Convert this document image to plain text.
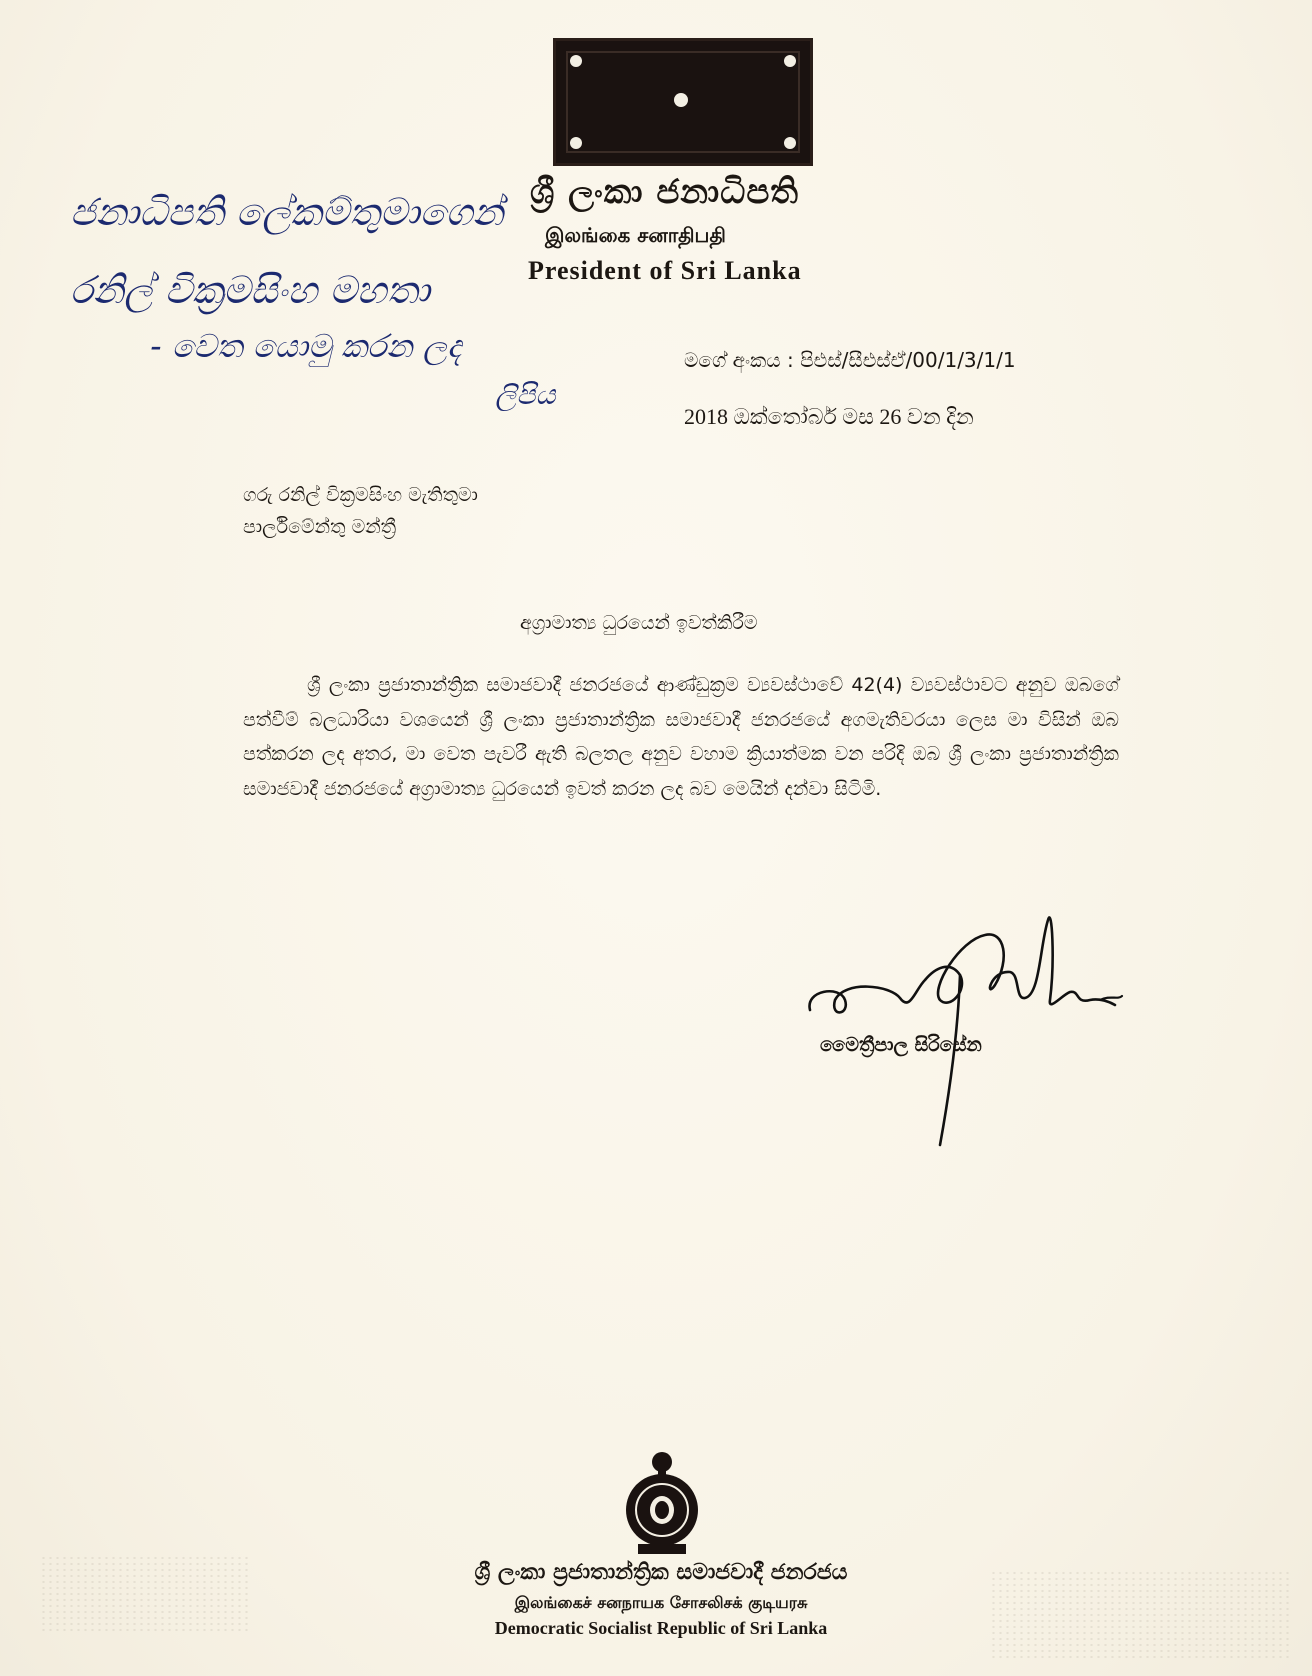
ශ්‍රී ලංකා ජනාධිපති
இலங்கை சனாதிபதி
President of Sri Lanka
ජනාධිපති ලේකම්තුමාගෙන්
රනිල් වික්‍රමසිංහ මහතා
- වෙත යොමු කරන ලද
ලිපිය
මගේ අංකය : පිඑස්/සීඑස්ඒ/00/1/3/1/1
2018 ඔක්තෝබර් මස 26 වන දින
ගරු රනිල් වික්‍රමසිංහ මැතිතුමා
පාර්ලිමේන්තු මන්ත්‍රී
අග්‍රාමාත්‍ය ධුරයෙන් ඉවත්කිරීම
ශ්‍රී ලංකා ප්‍රජාතාන්ත්‍රික සමාජවාදී ජනරජයේ ආණ්ඩුක්‍රම ව්‍යවස්ථාවේ 42(4) ව්‍යවස්ථාවට අනුව ඔබගේ පත්වීම් බලධාරියා වශයෙන් ශ්‍රී ලංකා ප්‍රජාතාන්ත්‍රික සමාජවාදී ජනරජයේ අගමැතිවරයා ලෙස මා විසින් ඔබ පත්කරන ලද අතර, මා වෙත පැවරී ඇති බලතල අනුව වහාම ක්‍රියාත්මක වන පරිදි ඔබ ශ්‍රී ලංකා ප්‍රජාතාන්ත්‍රික සමාජවාදී ජනරජයේ අග්‍රාමාත්‍ය ධුරයෙන් ඉවත් කරන ලද බව මෙයින් දන්වා සිටිමි.
මෛත්‍රීපාල සිරිසේන
ශ්‍රී ලංකා ප්‍රජාතාන්ත්‍රික සමාජවාදී ජනරජය
இலங்கைச் சனநாயக சோசலிசக் குடியரசு
Democratic Socialist Republic of Sri Lanka
